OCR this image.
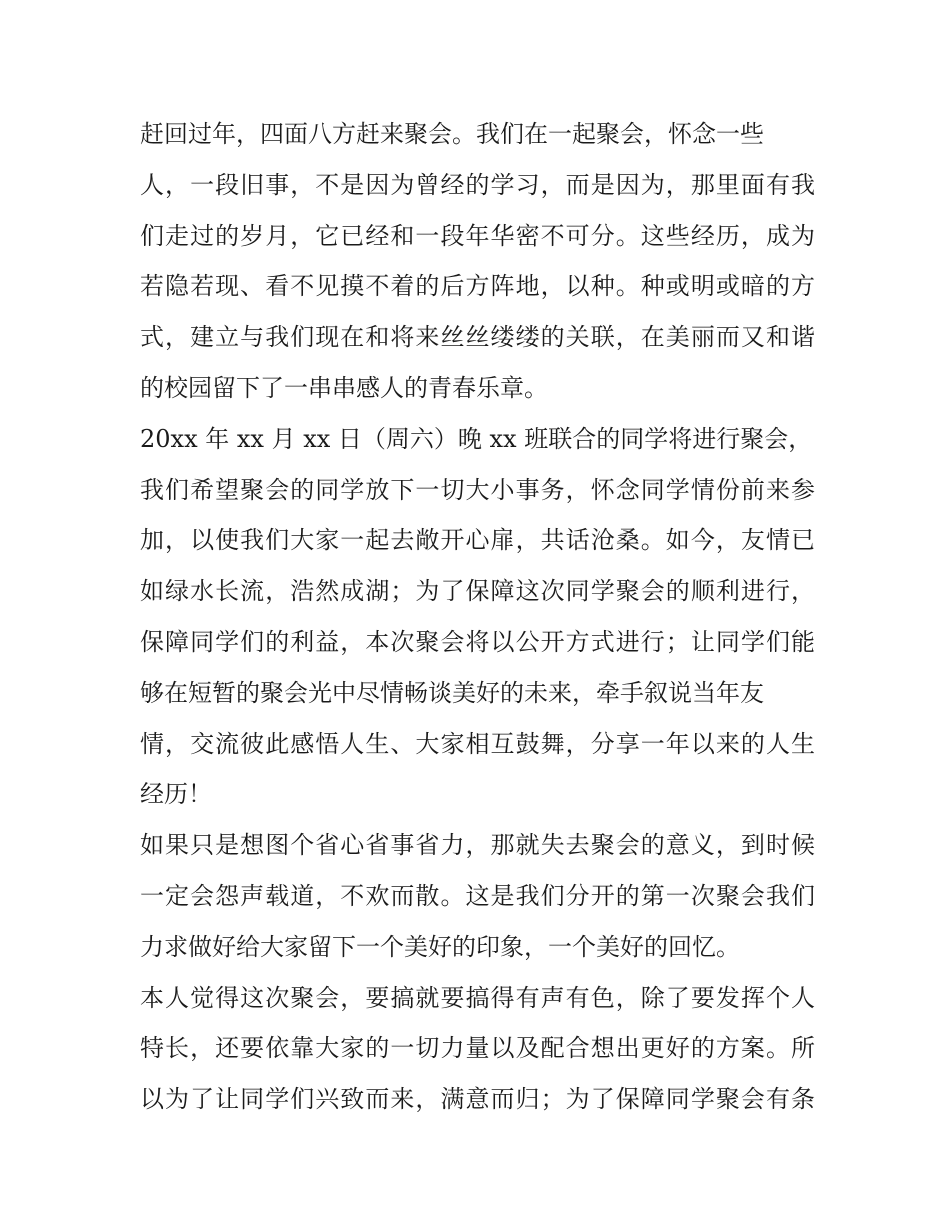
赶回过年，四面八方赶来聚会。我们在一起聚会，怀念一些
人，一段旧事，不是因为曾经的学习，而是因为，那里面有我
们走过的岁月，它已经和一段年华密不可分。这些经历，成为
若隐若现、看不见摸不着的后方阵地，以种。种或明或暗的方
式，建立与我们现在和将来丝丝缕缕的关联，在美丽而又和谐
的校园留下了一串串感人的青春乐章。
20xx 年 xx 月 xx 日（周六）晚 xx 班联合的同学将进行聚会，
我们希望聚会的同学放下一切大小事务，怀念同学情份前来参
加，以使我们大家一起去敞开心扉，共话沧桑。如今，友情已
如绿水长流，浩然成湖；为了保障这次同学聚会的顺利进行，
保障同学们的利益，本次聚会将以公开方式进行；让同学们能
够在短暂的聚会光中尽情畅谈美好的未来，牵手叙说当年友
情，交流彼此感悟人生、大家相互鼓舞，分享一年以来的人生
经历！
如果只是想图个省心省事省力，那就失去聚会的意义，到时候
一定会怨声载道，不欢而散。这是我们分开的第一次聚会我们
力求做好给大家留下一个美好的印象，一个美好的回忆。
本人觉得这次聚会，要搞就要搞得有声有色，除了要发挥个人
特长，还要依靠大家的一切力量以及配合想出更好的方案。所
以为了让同学们兴致而来，满意而归；为了保障同学聚会有条
